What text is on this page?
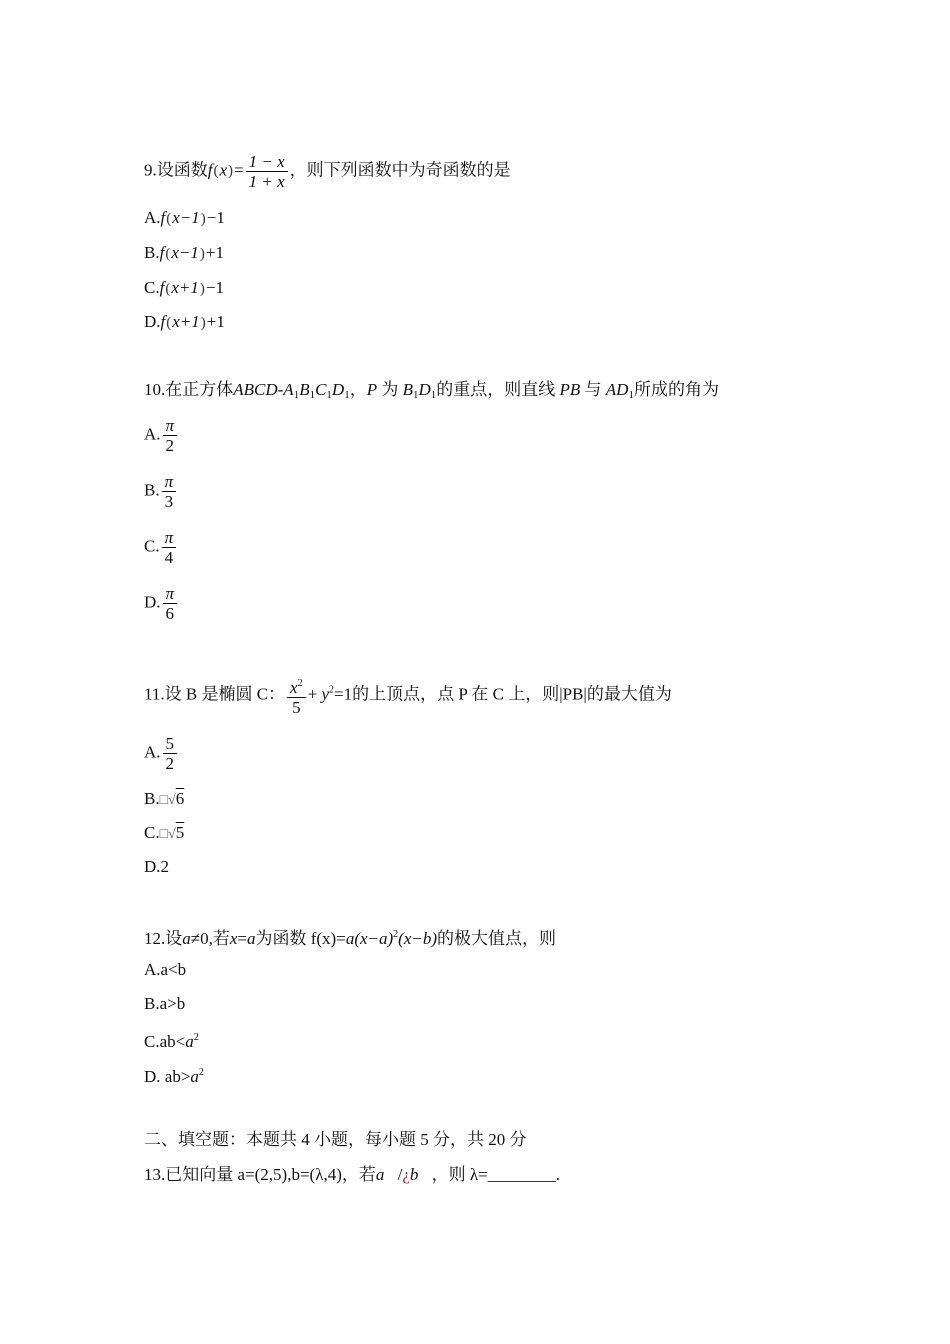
9.设函数$f(x)= \frac{1 - x}{1 + x}$ ，则下列函数中为奇函数的是
A.f(x−1)−1
B.f(x−1)+1
C.f(x+1)−1
D.f(x+1)+1
10.在正方体ABCD-$A_1B_1C_1D_1$，P 为 $B_1D_1$的重点，则直线 PB 与 $AD_1$所成的角为
A. $\frac{\pi}{2}$
B. $\frac{\pi}{3}$
C. $\frac{\pi}{4}$
D. $\frac{\pi}{6}$
11.设 B 是椭圆 C： $\frac{x^2}{5} + y^2=1$的上顶点，点 P 在 C 上，则|PB|的最大值为
A. $\frac{5}{2}$
B.□√6
C.□√5
D.2
12.设a≠0,若x=a为函数 $f(x)=a(x-a)^2(x-b)$的极大值点，则
A.a<b
B.a>b
$C.ab<a^2$
D. $ab>a^2$
二、填空题：本题共 4 小题，每小题 5 分，共 20 分
13.已知向量 a=(2,5),b=(λ,4)，若a⃗/¿b⃗，则 λ=________.
